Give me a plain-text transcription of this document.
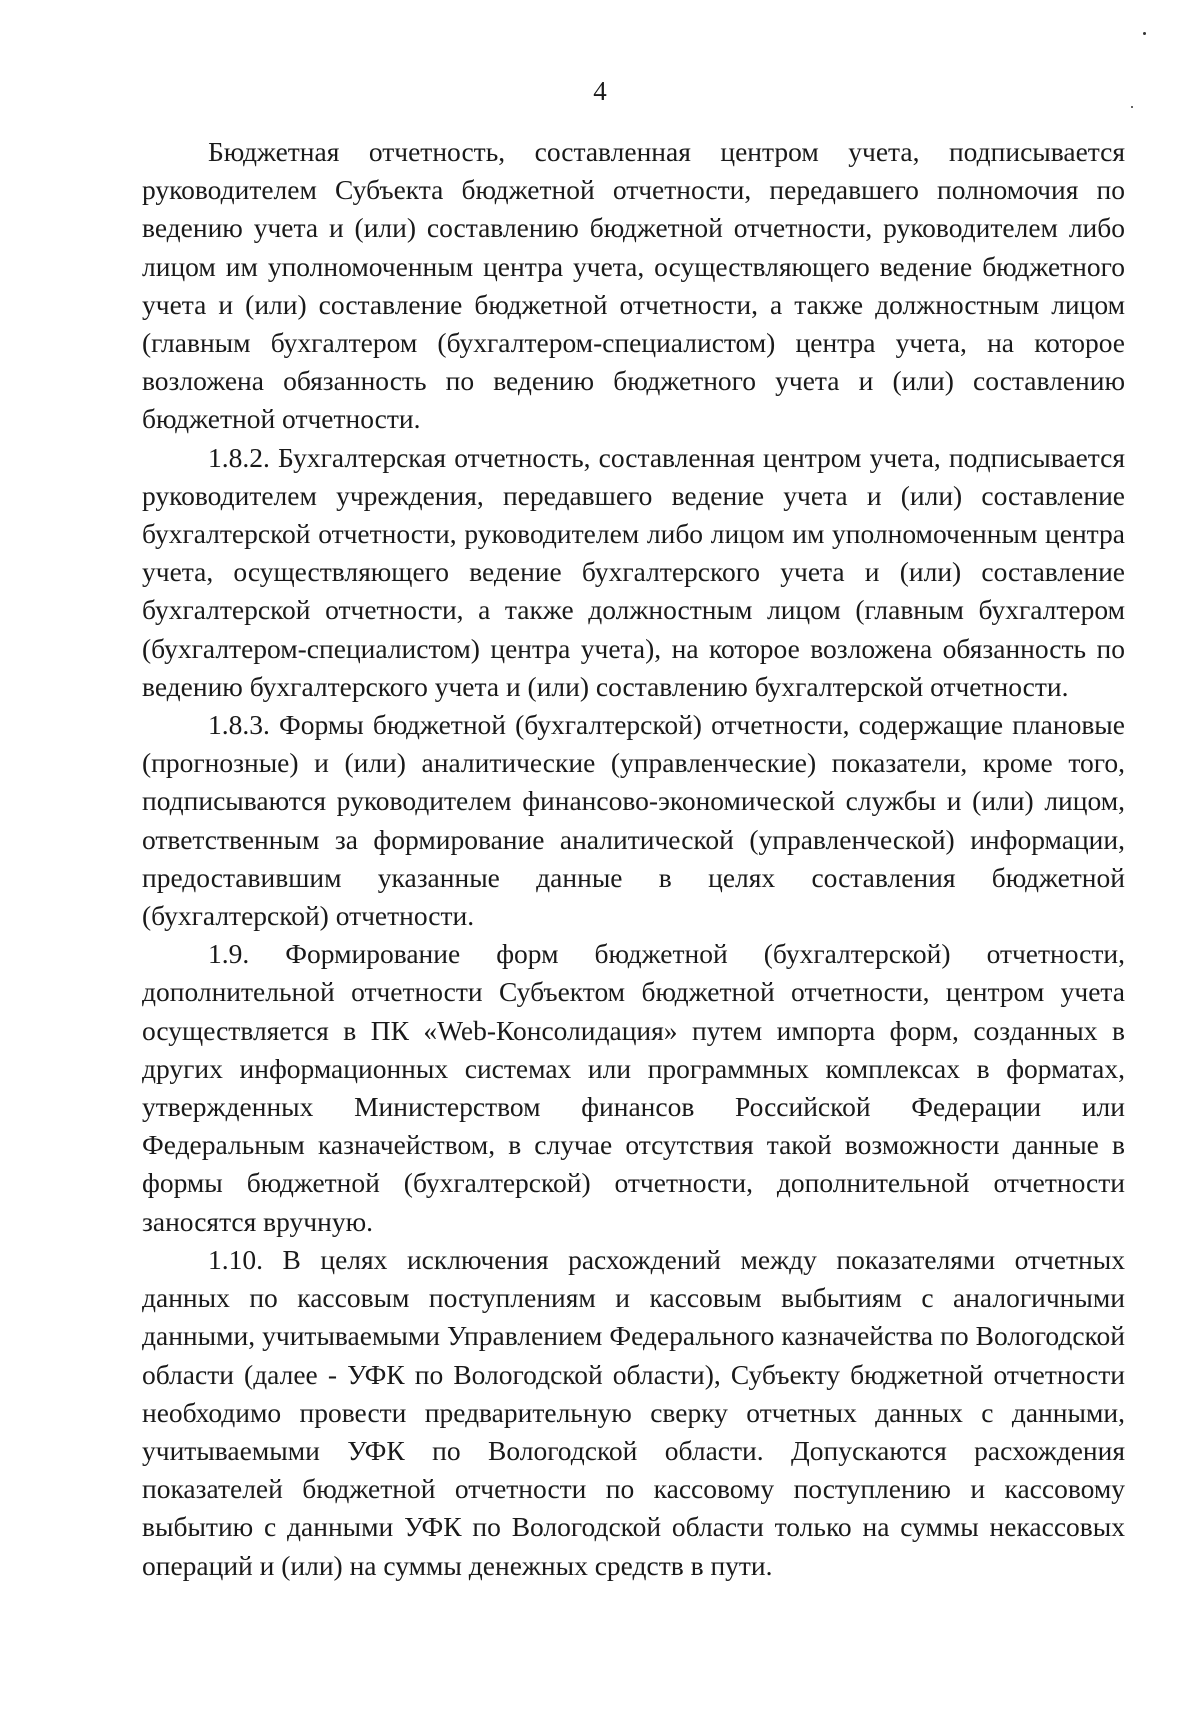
4

Бюджетная отчетность, составленная центром учета, подписывается руководителем Субъекта бюджетной отчетности, передавшего полномочия по ведению учета и (или) составлению бюджетной отчетности, руководителем либо лицом им уполномоченным центра учета, осуществляющего ведение бюджетного учета и (или) составление бюджетной отчетности, а также должностным лицом (главным бухгалтером (бухгалтером-специалистом) центра учета, на которое возложена обязанность по ведению бюджетного учета и (или) составлению бюджетной отчетности.

1.8.2. Бухгалтерская отчетность, составленная центром учета, подписывается руководителем учреждения, передавшего ведение учета и (или) составление бухгалтерской отчетности, руководителем либо лицом им уполномоченным центра учета, осуществляющего ведение бухгалтерского учета и (или) составление бухгалтерской отчетности, а также должностным лицом (главным бухгалтером (бухгалтером-специалистом) центра учета), на которое возложена обязанность по ведению бухгалтерского учета и (или) составлению бухгалтерской отчетности.

1.8.3. Формы бюджетной (бухгалтерской) отчетности, содержащие плановые (прогнозные) и (или) аналитические (управленческие) показатели, кроме того, подписываются руководителем финансово-экономической службы и (или) лицом, ответственным за формирование аналитической (управленческой) информации, предоставившим указанные данные в целях составления бюджетной (бухгалтерской) отчетности.

1.9. Формирование форм бюджетной (бухгалтерской) отчетности, дополнительной отчетности Субъектом бюджетной отчетности, центром учета осуществляется в ПК «Web-Консолидация» путем импорта форм, созданных в других информационных системах или программных комплексах в форматах, утвержденных Министерством финансов Российской Федерации или Федеральным казначейством, в случае отсутствия такой возможности данные в формы бюджетной (бухгалтерской) отчетности, дополнительной отчетности заносятся вручную.

1.10. В целях исключения расхождений между показателями отчетных данных по кассовым поступлениям и кассовым выбытиям с аналогичными данными, учитываемыми Управлением Федерального казначейства по Вологодской области (далее - УФК по Вологодской области), Субъекту бюджетной отчетности необходимо провести предварительную сверку отчетных данных с данными, учитываемыми УФК по Вологодской области. Допускаются расхождения показателей бюджетной отчетности по кассовому поступлению и кассовому выбытию с данными УФК по Вологодской области только на суммы некассовых операций и (или) на суммы денежных средств в пути.
